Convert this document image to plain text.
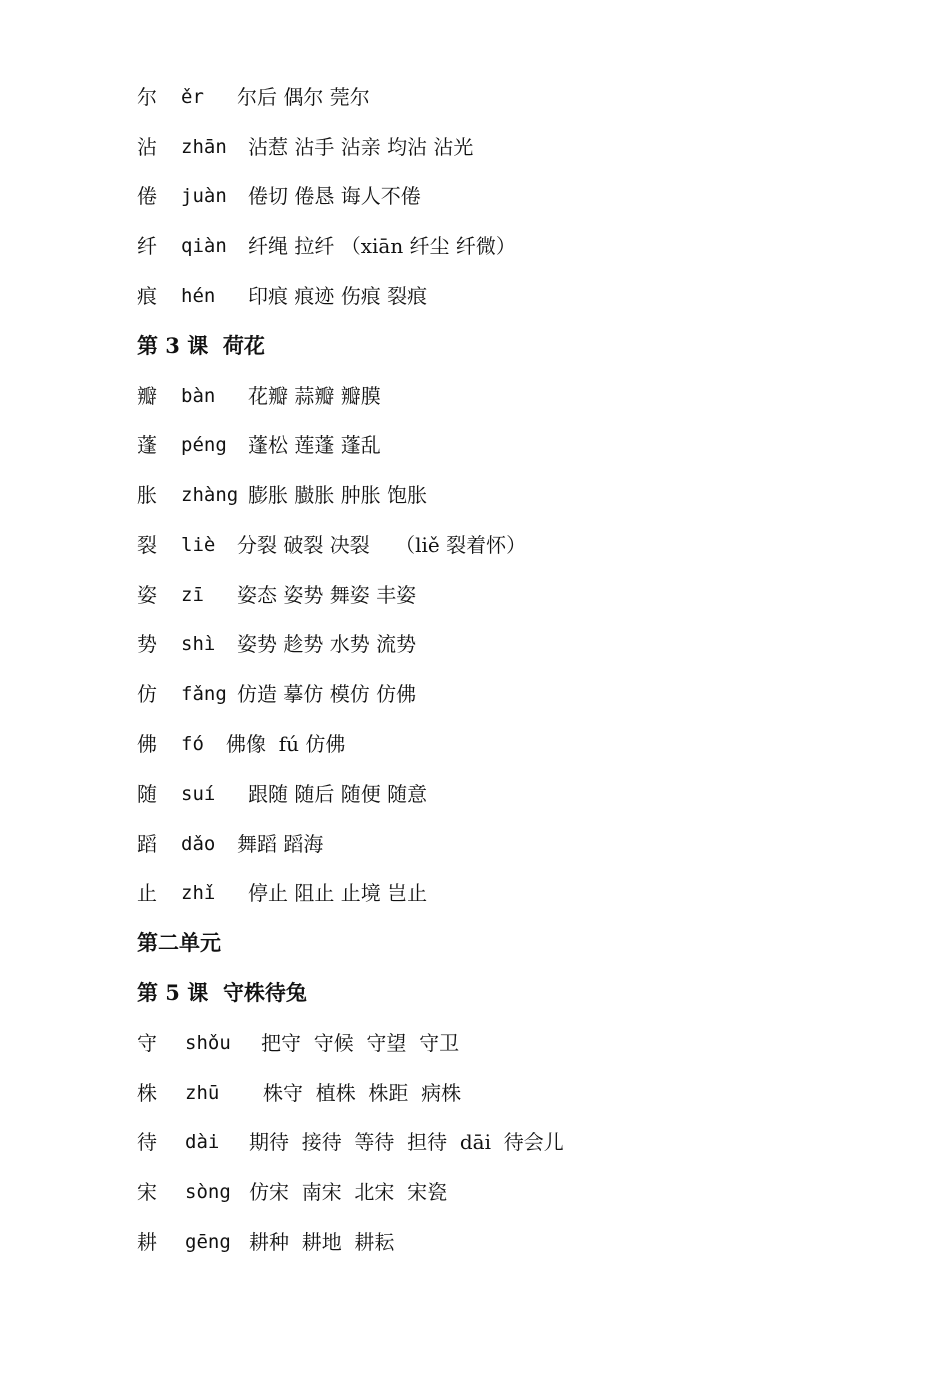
尔

ěr

尔后 偶尔 莞尔

沾

zhān

沾惹 沾手 沾亲 均沾 沾光

倦

juàn

倦切 倦恳 诲人不倦

纤

qiàn

纤绳 拉纤 （xiān 纤尘 纤微）

痕

hén

印痕 痕迹 伤痕 裂痕

第 3 课  荷花

瓣

bàn

花瓣 蒜瓣 瓣膜

蓬

péng

蓬松 莲蓬 蓬乱

胀

zhàng

膨胀 臌胀 肿胀 饱胀

裂

liè

分裂 破裂 决裂    （liě 裂着怀）

姿

zī

姿态 姿势 舞姿 丰姿

势

shì

姿势 趁势 水势 流势

仿

fǎng

仿造 摹仿 模仿 仿佛

佛

fó

佛像  fú 仿佛

随

suí

跟随 随后 随便 随意

蹈

dǎo

舞蹈 蹈海

止

zhǐ

停止 阻止 止境 岂止

第二单元
第 5 课  守株待兔

守

shǒu

把守  守候  守望  守卫

株

zhū

株守  植株  株距  病株

待

dài

期待  接待  等待  担待  dāi  待会儿

宋

sòng

仿宋  南宋  北宋  宋瓷

耕

gēng

耕种  耕地  耕耘
